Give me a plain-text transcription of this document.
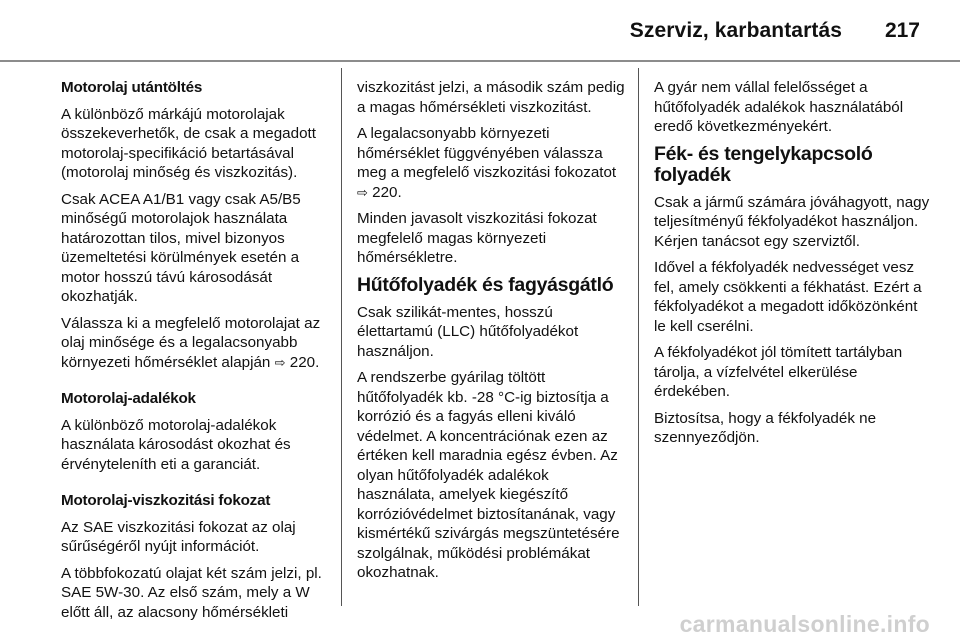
Szerviz, karbantartás 217

Motorolaj utántöltés

A különböző márkájú motorolajak összekeverhetők, de csak a megadott motorolaj-specifikáció betartásával (motorolaj minőség és viszkozitás).

Csak ACEA A1/B1 vagy csak A5/B5 minőségű motorolajok használata határozottan tilos, mivel bizonyos üzemeltetési körülmények esetén a motor hosszú távú károsodását okozhatják.

Válassza ki a megfelelő motorolajat az olaj minősége és a legalacsonyabb környezeti hőmérséklet alapján ⇨ 220.

Motorolaj-adalékok

A különböző motorolaj-adalékok használata károsodást okozhat és érvényteleníth eti a garanciát.

Motorolaj-viszkozitási fokozat

Az SAE viszkozitási fokozat az olaj sűrűségéről nyújt információt.

A többfokozatú olajat két szám jelzi, pl. SAE 5W-30. Az első szám, mely a W előtt áll, az alacsony hőmérsékleti

viszkozitást jelzi, a második szám pedig a magas hőmérsékleti viszkozitást.

A legalacsonyabb környezeti hőmérséklet függvényében válassza meg a megfelelő viszkozitási fokozatot ⇨ 220.

Minden javasolt viszkozitási fokozat megfelelő magas környezeti hőmérsékletre.

Hűtőfolyadék és fagyásgátló

Csak szilikát-mentes, hosszú élettartamú (LLC) hűtőfolyadékot használjon.

A rendszerbe gyárilag töltött hűtőfolyadék kb. -28 °C-ig biztosítja a korrózió és a fagyás elleni kiváló védelmet. A koncentrációnak ezen az értéken kell maradnia egész évben. Az olyan hűtőfolyadék adalékok használata, amelyek kiegészítő korrózióvédelmet biztosítanának, vagy kismértékű szivárgás megszüntetésére szolgálnak, működési problémákat okozhatnak.

A gyár nem vállal felelősséget a hűtőfolyadék adalékok használatából eredő következményekért.

Fék- és tengelykapcsoló folyadék

Csak a jármű számára jóváhagyott, nagy teljesítményű fékfolyadékot használjon. Kérjen tanácsot egy szerviztől.

Idővel a fékfolyadék nedvességet vesz fel, amely csökkenti a fékhatást. Ezért a fékfolyadékot a megadott időközönként le kell cserélni.

A fékfolyadékot jól tömített tartályban tárolja, a vízfelvétel elkerülése érdekében.

Biztosítsa, hogy a fékfolyadék ne szennyeződjön.

carmanualsonline.info
